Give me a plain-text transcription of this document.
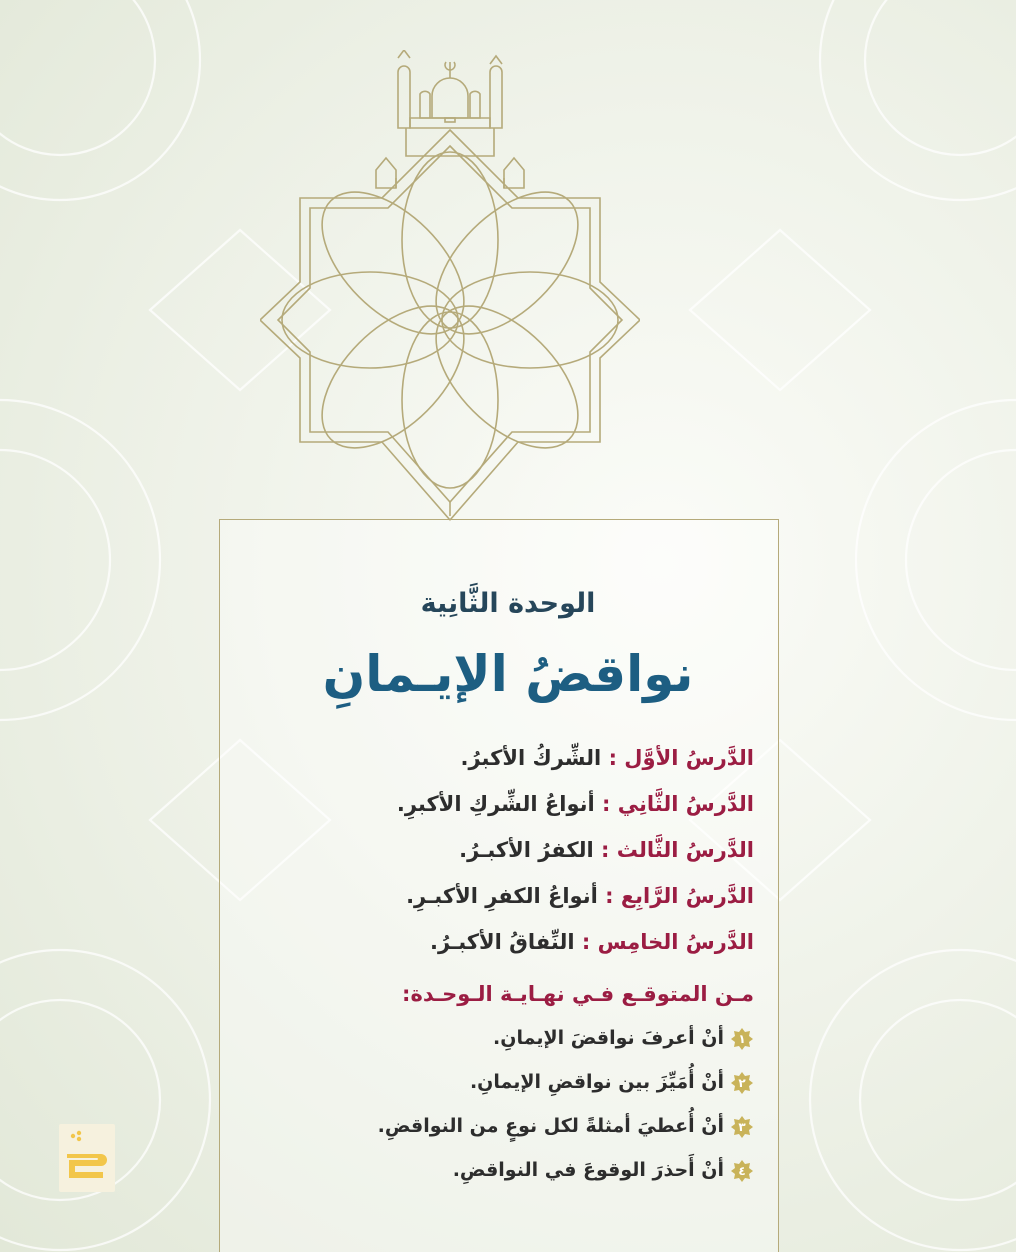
الوحدة الثَّانِية
نواقضُ الإيـمانِ
الدَّرسُ الأوَّل : الشِّركُ الأكبرُ.
الدَّرسُ الثَّانِي : أنواعُ الشِّركِ الأكبرِ.
الدَّرسُ الثَّالث : الكفرُ الأكبـرُ.
الدَّرسُ الرَّابِع : أنواعُ الكفرِ الأكبـرِ.
الدَّرسُ الخامِس : النِّفاقُ الأكبـرُ.
مـن المتوقـع فـي نهـايـة الـوحـدة:
١
أنْ أعرفَ نواقضَ الإيمانِ.
٢
أنْ أُمَيِّزَ بين نواقضِ الإيمانِ.
٣
أنْ أُعطيَ أمثلةً لكل نوعٍ من النواقضِ.
٤
أنْ أَحذرَ الوقوعَ في النواقضِ.
